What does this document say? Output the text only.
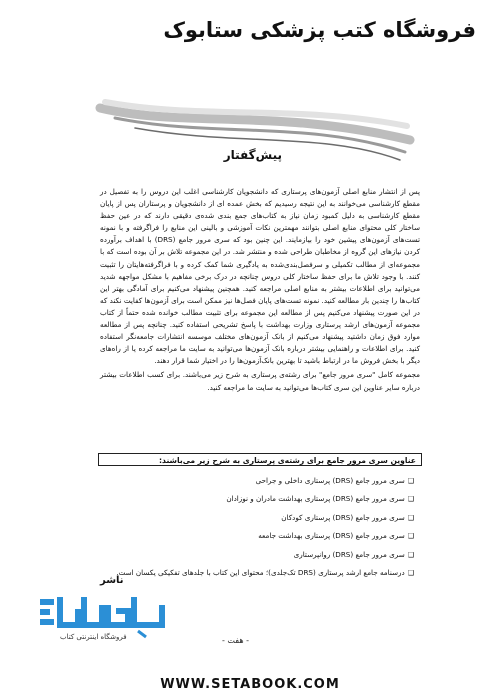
فروشگاه کتب پزشکی ستابوک
پیش‌گفتار

پس از انتشار منابع اصلی آزمون‌های پرستاری که دانشجویان کارشناسی اغلب این دروس را به تفصیل در مقطع کارشناسی می‌خوانند به این نتیجه رسیدیم که بخش عمده ای از دانشجویان و پرستاران پس از پایان مقطع کارشناسی به دلیل کمبود زمان نیاز به کتاب‌های جمع بندی شده‌ی دقیقی دارند که در عین حفظ ساختار کلی محتوای منابع اصلی بتوانند مهمترین نکات آموزشی و بالینی این منابع را فراگرفته و با نمونه تست‌های آزمون‌های پیشین خود را بیازمایند. این چنین بود که سری مرور جامع (DRS) با اهداف برآورده کردن نیازهای این گروه از مخاطبان طراحی شده و منتشر شد. در این مجموعه تلاش بر آن بوده است که با مجموعه‌ای از مطالب تکمیلی و سرفصل‌بندی‌شده به یادگیری شما کمک کرده و با فراگرفته‌هایتان را تثبیت کنند. با وجود تلاش ما برای حفظ ساختار کلی دروس چنانچه در درک برخی مفاهیم با مشکل مواجهه شدید می‌توانید برای اطلاعات بیشتر به منابع اصلی مراجعه کنید. همچنین پیشنهاد می‌کنیم برای آمادگی بهتر این کتاب‌ها را چندین بار مطالعه کنید. نمونه تست‌های پایان فصل‌ها نیز ممکن است برای آزمون‌ها کفایت نکند که در این صورت پیشنهاد می‌کنیم پس از مطالعه این مجموعه برای تثبیت مطالب خوانده شده حتماً از کتاب مجموعه آزمون‌های ارشد پرستاری وزارت بهداشت با پاسخ تشریحی استفاده کنید. چنانچه پس از مطالعه موارد فوق زمان داشتید پیشنهاد می‌کنیم از بانک آزمون‌های مختلف موسسه انتشارات جامعه‌نگر استفاده کنید. برای اطلاعات و راهنمایی بیشتر درباره بانک آزمون‌ها می‌توانید به سایت ما مراجعه کرده یا از راه‌های دیگر با بخش فروش ما در ارتباط باشید تا بهترین بانک‌آزمون‌ها را در اختیار شما قرار دهند.

مجموعه کامل "سری مرور جامع" برای رشته‌ی پرستاری به شرح زیر می‌باشند. برای کسب اطلاعات بیشتر درباره سایر عناوین این سری کتاب‌ها می‌توانید به سایت ما مراجعه کنید.

عناوین سری مرور جامع برای رشته‌ی پرستاری به شرح زیر می‌باشند:
❑سری مرور جامع (DRS) پرستاری داخلی و جراحی
❑سری مرور جامع (DRS) پرستاری بهداشت مادران و نوزادان
❑سری مرور جامع (DRS) پرستاری کودکان
❑سری مرور جامع (DRS) پرستاری بهداشت جامعه
❑سری مرور جامع (DRS) روانپرستاری
❑درسنامه جامع ارشد پرستاری (DRS تک‌جلدی)؛ محتوای این کتاب با جلدهای تفکیکی یکسان است.
ناشر
فروشگاه اینترنتی کتاب	- هفت -
WWW.SETABOOK.COM
